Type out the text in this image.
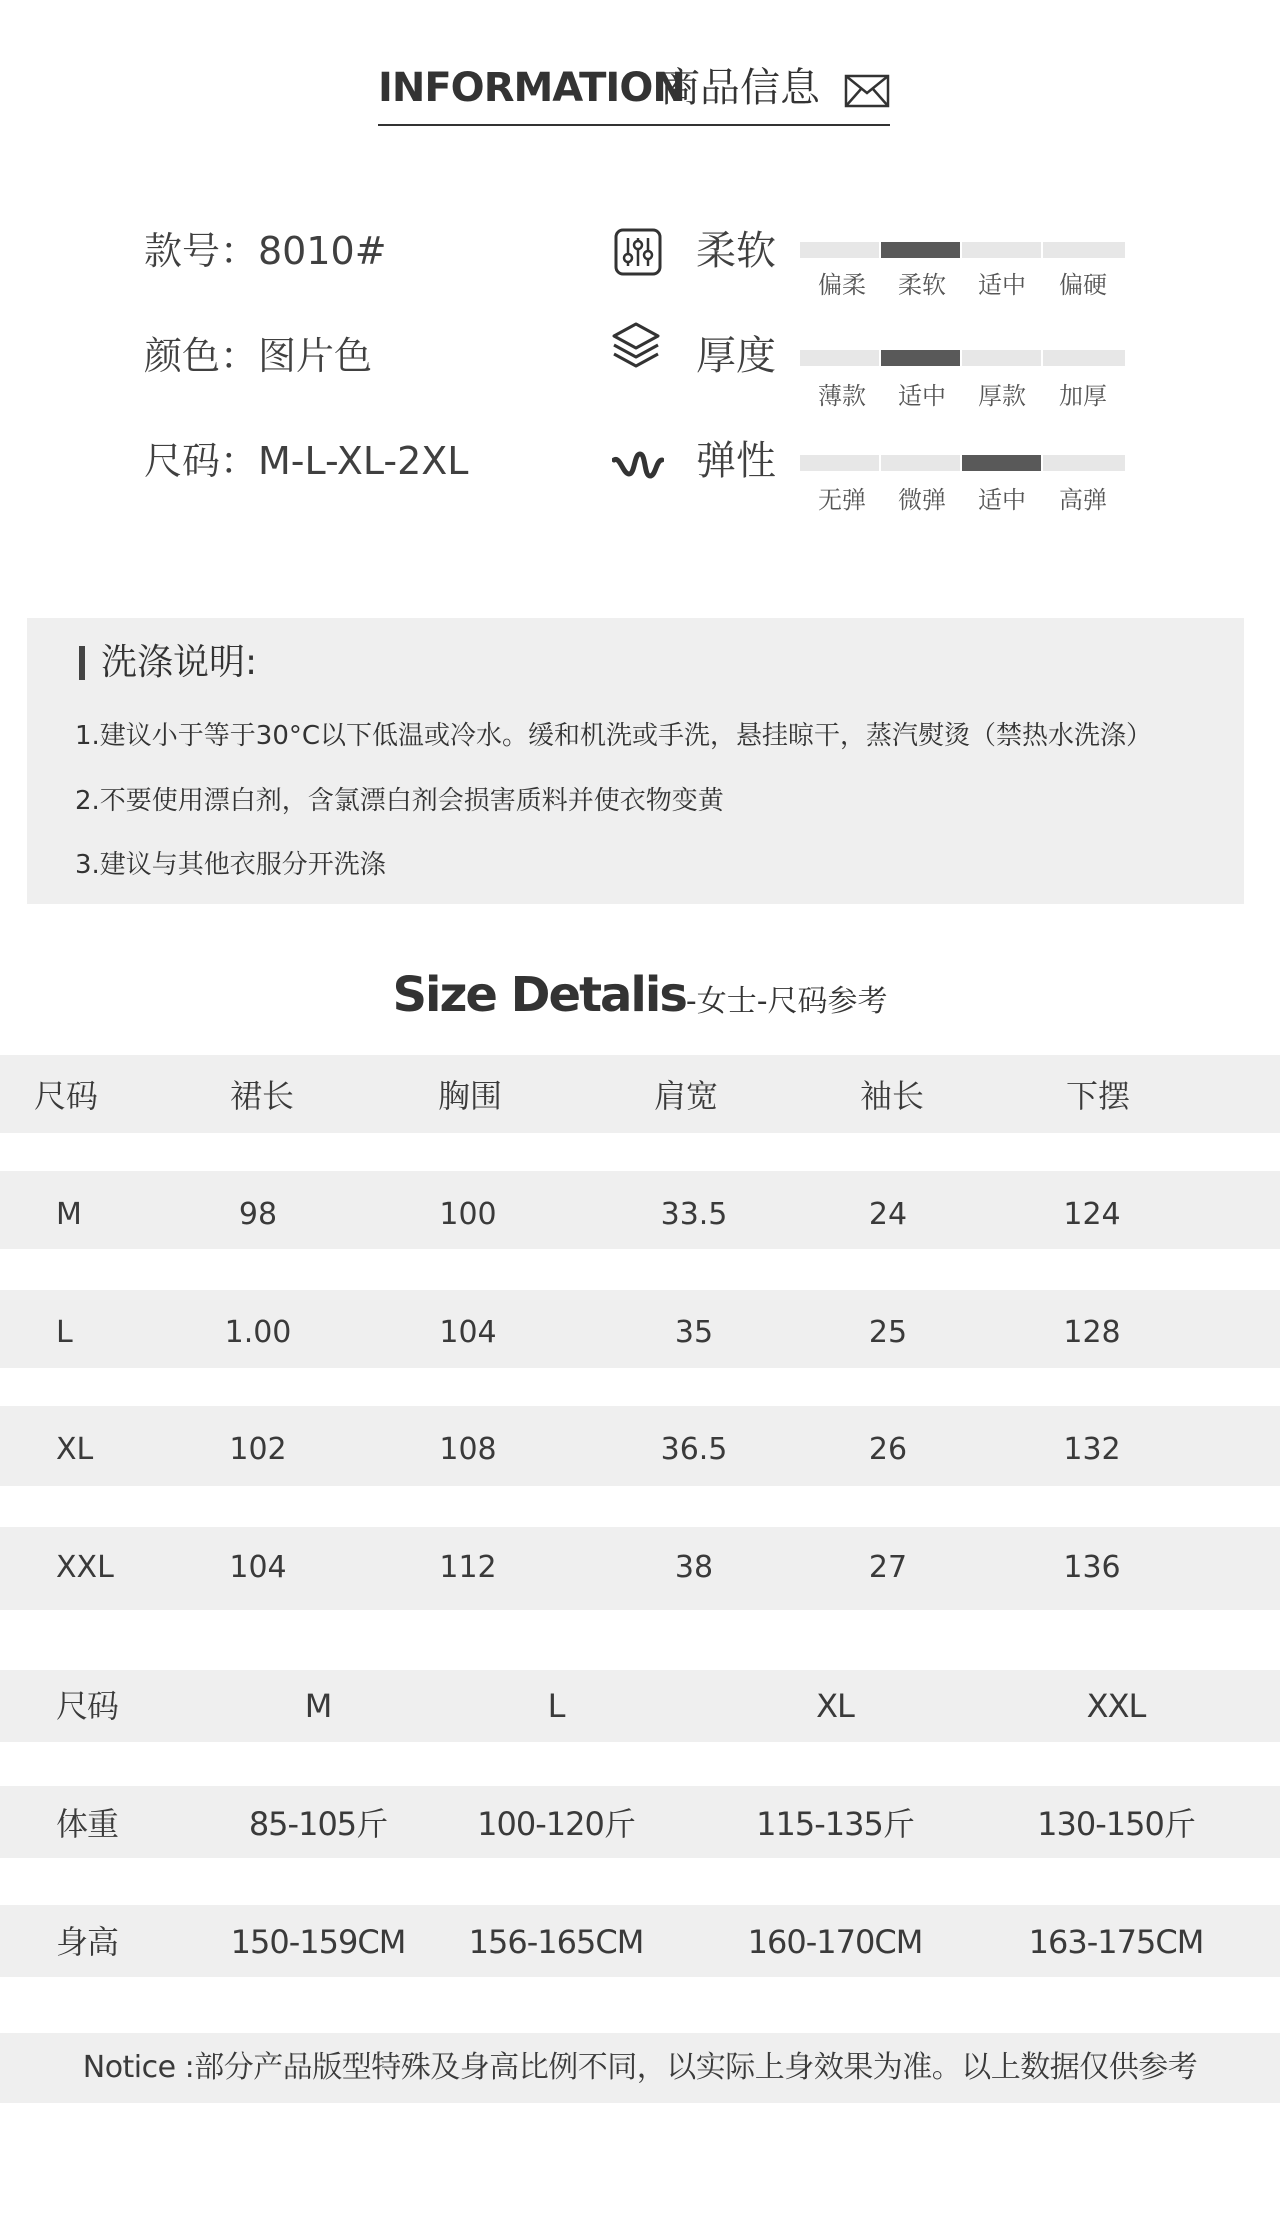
INFORMATION
商品信息
款号：8010#
颜色：图片色
尺码：M-L-XL-2XL
柔软
厚度
弹性
偏柔	柔软	适中	偏硬
薄款	适中	厚款	加厚
无弹	微弹	适中	高弹
洗涤说明:
1.建议小于等于30°C以下低温或冷水。缓和机洗或手洗，悬挂晾干，蒸汽熨烫（禁热水洗涤）
2.不要使用漂白剂，含氯漂白剂会损害质料并使衣物变黄
3.建议与其他衣服分开洗涤
Size Detalis-女士-尺码参考
尺码	裙长	胸围	肩宽	袖长	下摆
M	98	100	33.5	24	124
L	1.00	104	35	25	128
XL	102	108	36.5	26	132
XXL	104	112	38	27	136
尺码	M	L	XL	XXL
体重	85-105斤	100-120斤	115-135斤	130-150斤
身高	150-159CM 156-165CM	160-170CM	163-175CM
Notice :部分产品版型特殊及身高比例不同，以实际上身效果为准。以上数据仅供参考
